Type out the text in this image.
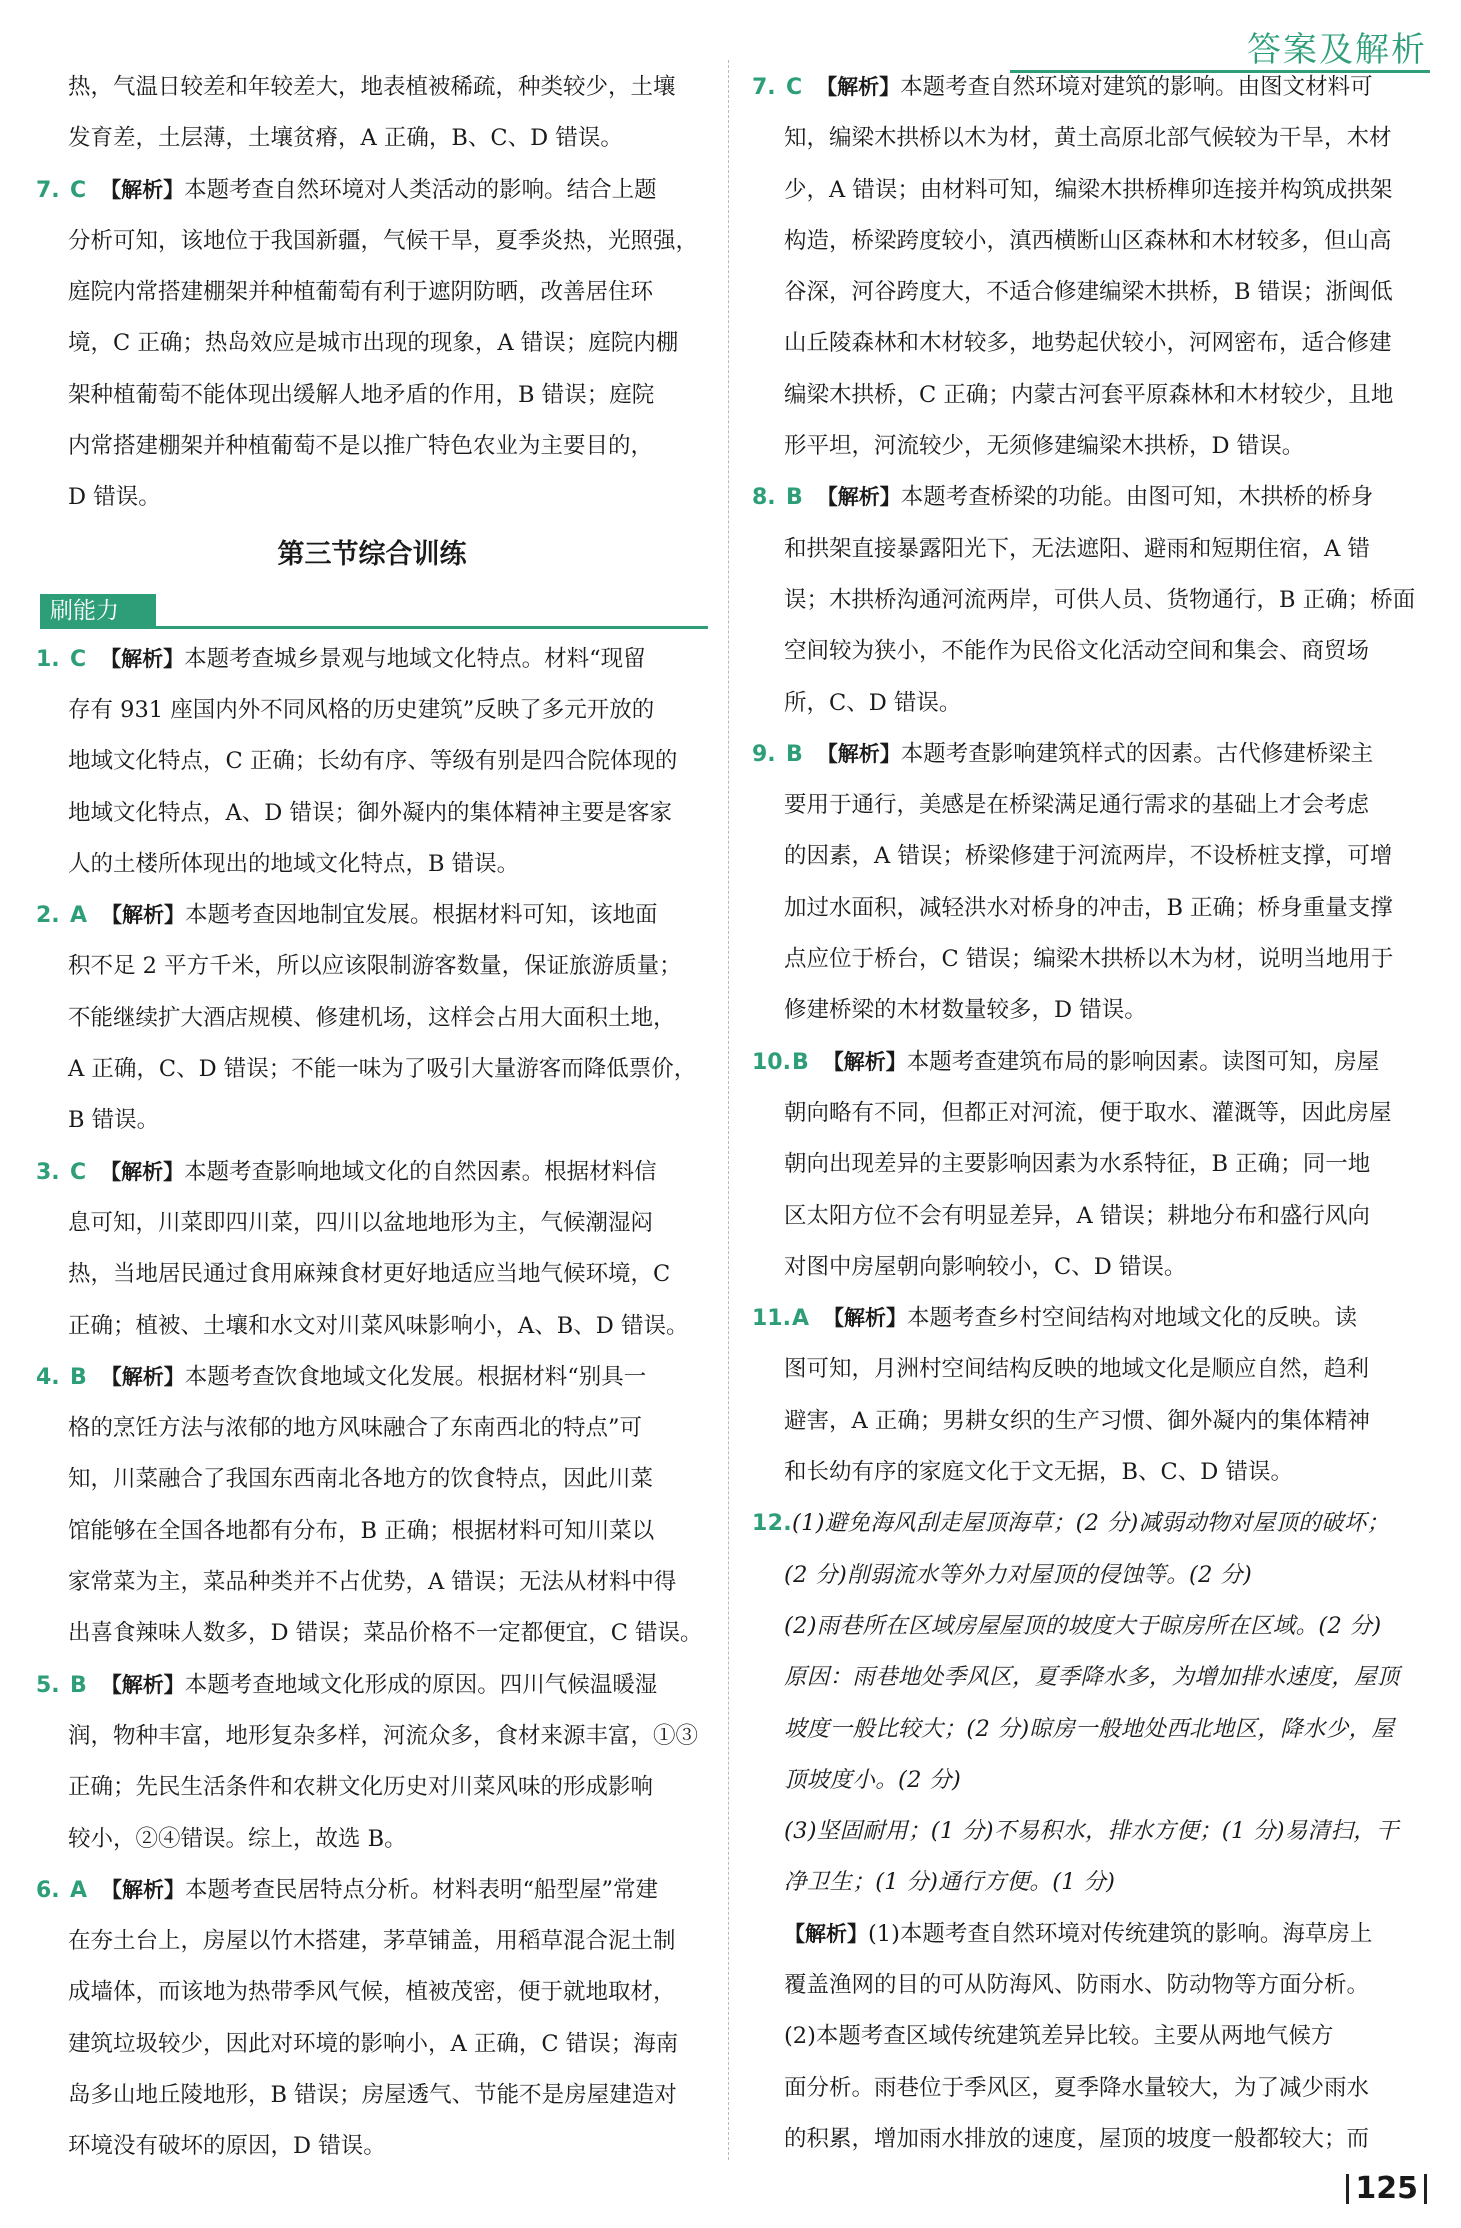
答案及解析

热，气温日较差和年较差大，地表植被稀疏，种类较少，土壤

发育差，土层薄，土壤贫瘠，A 正确，B、C、D 错误。

7. C 【解析】本题考查自然环境对人类活动的影响。结合上题

分析可知，该地位于我国新疆，气候干旱，夏季炎热，光照强，

庭院内常搭建棚架并种植葡萄有利于遮阴防晒，改善居住环

境，C 正确；热岛效应是城市出现的现象，A 错误；庭院内棚

架种植葡萄不能体现出缓解人地矛盾的作用，B 错误；庭院

内常搭建棚架并种植葡萄不是以推广特色农业为主要目的，

D 错误。

第三节综合训练

刷能力

1. C 【解析】本题考查城乡景观与地域文化特点。材料“现留

存有 931 座国内外不同风格的历史建筑”反映了多元开放的

地域文化特点，C 正确；长幼有序、等级有别是四合院体现的

地域文化特点，A、D 错误；御外凝内的集体精神主要是客家

人的土楼所体现出的地域文化特点，B 错误。

2. A 【解析】本题考查因地制宜发展。根据材料可知，该地面

积不足 2 平方千米，所以应该限制游客数量，保证旅游质量；

不能继续扩大酒店规模、修建机场，这样会占用大面积土地，

A 正确，C、D 错误；不能一味为了吸引大量游客而降低票价，

B 错误。

3. C 【解析】本题考查影响地域文化的自然因素。根据材料信

息可知，川菜即四川菜，四川以盆地地形为主，气候潮湿闷

热，当地居民通过食用麻辣食材更好地适应当地气候环境，C

正确；植被、土壤和水文对川菜风味影响小，A、B、D 错误。

4. B 【解析】本题考查饮食地域文化发展。根据材料“别具一

格的烹饪方法与浓郁的地方风味融合了东南西北的特点”可

知，川菜融合了我国东西南北各地方的饮食特点，因此川菜

馆能够在全国各地都有分布，B 正确；根据材料可知川菜以

家常菜为主，菜品种类并不占优势，A 错误；无法从材料中得

出喜食辣味人数多，D 错误；菜品价格不一定都便宜，C 错误。

5. B 【解析】本题考查地域文化形成的原因。四川气候温暖湿

润，物种丰富，地形复杂多样，河流众多，食材来源丰富，①③

正确；先民生活条件和农耕文化历史对川菜风味的形成影响

较小，②④错误。综上，故选 B。

6. A 【解析】本题考查民居特点分析。材料表明“船型屋”常建

在夯土台上，房屋以竹木搭建，茅草铺盖，用稻草混合泥土制

成墙体，而该地为热带季风气候，植被茂密，便于就地取材，

建筑垃圾较少，因此对环境的影响小，A 正确，C 错误；海南

岛多山地丘陵地形，B 错误；房屋透气、节能不是房屋建造对

环境没有破坏的原因，D 错误。

7. C 【解析】本题考查自然环境对建筑的影响。由图文材料可

知，编梁木拱桥以木为材，黄土高原北部气候较为干旱，木材

少，A 错误；由材料可知，编梁木拱桥榫卯连接并构筑成拱架

构造，桥梁跨度较小，滇西横断山区森林和木材较多，但山高

谷深，河谷跨度大，不适合修建编梁木拱桥，B 错误；浙闽低

山丘陵森林和木材较多，地势起伏较小，河网密布，适合修建

编梁木拱桥，C 正确；内蒙古河套平原森林和木材较少，且地

形平坦，河流较少，无须修建编梁木拱桥，D 错误。

8. B 【解析】本题考查桥梁的功能。由图可知，木拱桥的桥身

和拱架直接暴露阳光下，无法遮阳、避雨和短期住宿，A 错

误；木拱桥沟通河流两岸，可供人员、货物通行，B 正确；桥面

空间较为狭小，不能作为民俗文化活动空间和集会、商贸场

所，C、D 错误。

9. B 【解析】本题考查影响建筑样式的因素。古代修建桥梁主

要用于通行，美感是在桥梁满足通行需求的基础上才会考虑

的因素，A 错误；桥梁修建于河流两岸，不设桥桩支撑，可增

加过水面积，减轻洪水对桥身的冲击，B 正确；桥身重量支撑

点应位于桥台，C 错误；编梁木拱桥以木为材，说明当地用于

修建桥梁的木材数量较多，D 错误。

10.B 【解析】本题考查建筑布局的影响因素。读图可知，房屋

朝向略有不同，但都正对河流，便于取水、灌溉等，因此房屋

朝向出现差异的主要影响因素为水系特征，B 正确；同一地

区太阳方位不会有明显差异，A 错误；耕地分布和盛行风向

对图中房屋朝向影响较小，C、D 错误。

11.A 【解析】本题考查乡村空间结构对地域文化的反映。读

图可知，月洲村空间结构反映的地域文化是顺应自然，趋利

避害，A 正确；男耕女织的生产习惯、御外凝内的集体精神

和长幼有序的家庭文化于文无据，B、C、D 错误。

12.(1)避免海风刮走屋顶海草；(2 分)减弱动物对屋顶的破坏；

(2 分)削弱流水等外力对屋顶的侵蚀等。(2 分)

(2)雨巷所在区域房屋屋顶的坡度大于晾房所在区域。(2 分)

原因：雨巷地处季风区，夏季降水多，为增加排水速度，屋顶

坡度一般比较大；(2 分)晾房一般地处西北地区，降水少，屋

顶坡度小。(2 分)

(3)坚固耐用；(1 分)不易积水，排水方便；(1 分)易清扫，干

净卫生；(1 分)通行方便。(1 分)

【解析】(1)本题考查自然环境对传统建筑的影响。海草房上

覆盖渔网的目的可从防海风、防雨水、防动物等方面分析。

(2)本题考查区域传统建筑差异比较。主要从两地气候方

面分析。雨巷位于季风区，夏季降水量较大，为了减少雨水

的积累，增加雨水排放的速度，屋顶的坡度一般都较大；而

125
